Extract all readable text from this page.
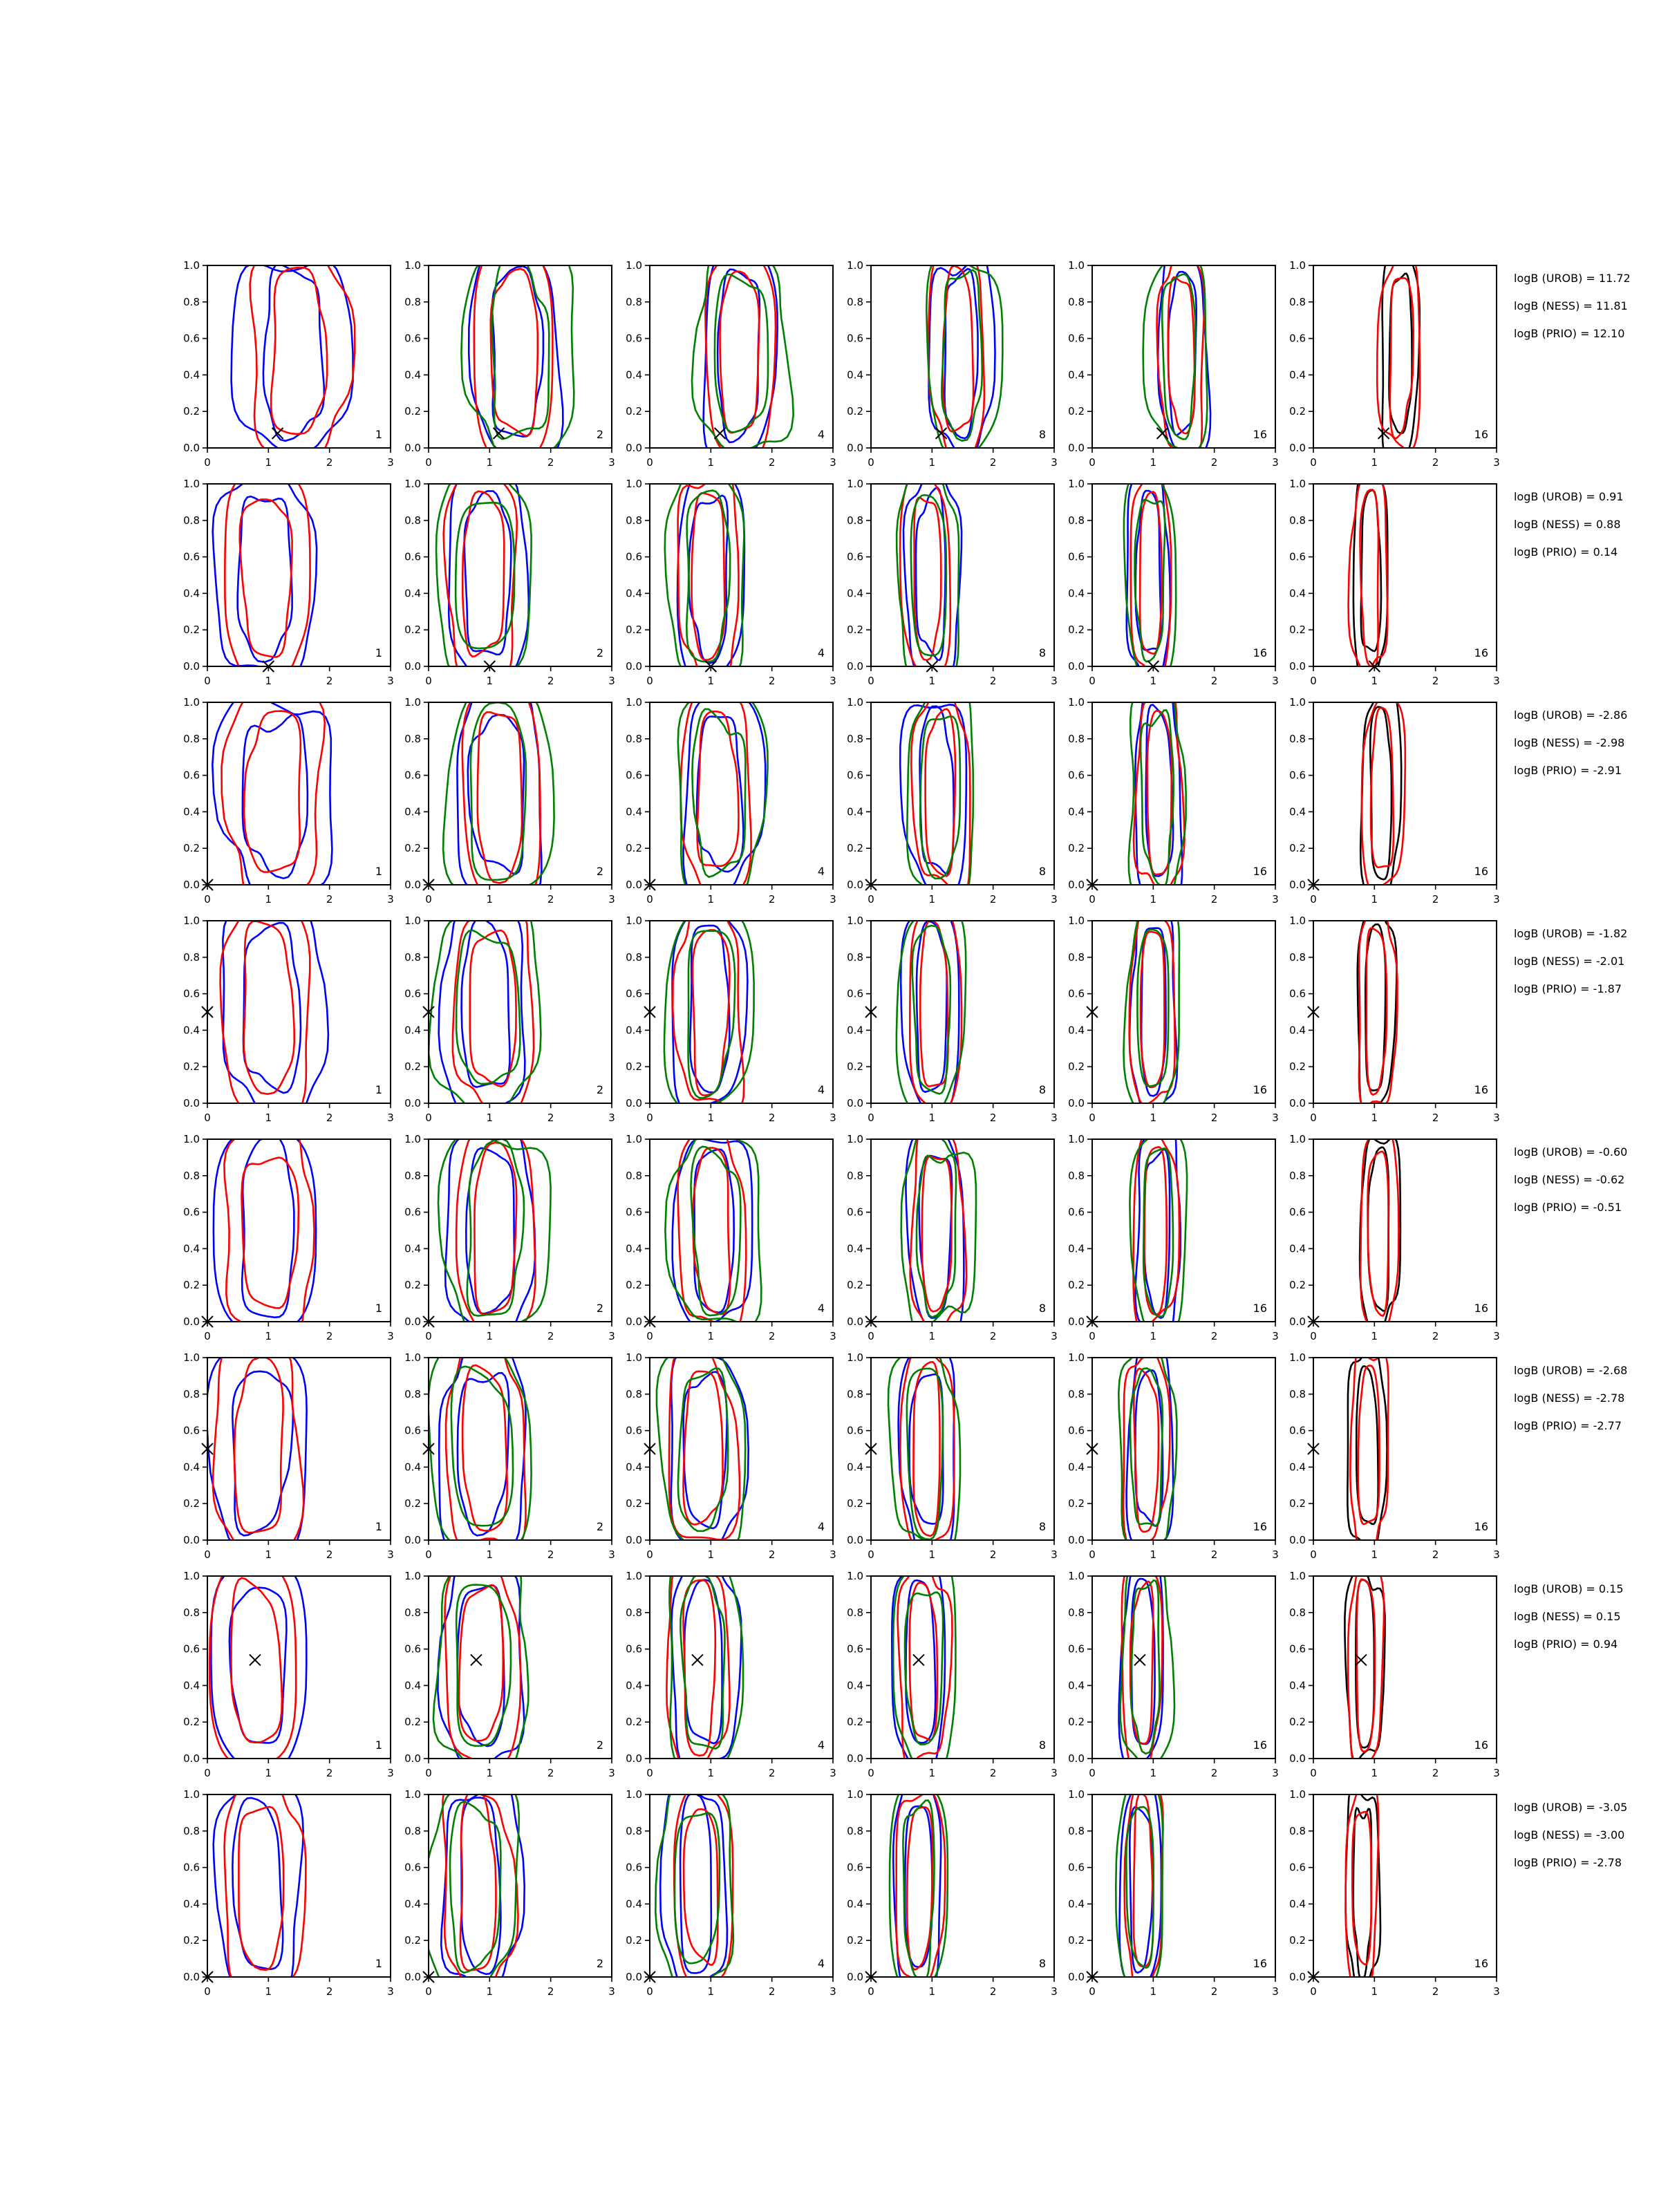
0	1	2	3
0.0
0.2
0.4
0.6
0.8
1.0
1
0	1	2	3
0.0
0.2
0.4
0.6
0.8
1.0
2
0	1	2	3
0.0
0.2
0.4
0.6
0.8
1.0
4
0	1	2	3
0.0
0.2
0.4
0.6
0.8
1.0
8
0	1	2	3
0.0
0.2
0.4
0.6
0.8
1.0
16
0	1	2	3
0.0
0.2
0.4
0.6
0.8
1.0
16
logB (UROB) = 11.72
logB (NESS) = 11.81
logB (PRIO) = 12.10
0	1	2	3
0.0
0.2
0.4
0.6
0.8
1.0
1
0	1	2	3
0.0
0.2
0.4
0.6
0.8
1.0
2
0	1	2	3
0.0
0.2
0.4
0.6
0.8
1.0
4
0	1	2	3
0.0
0.2
0.4
0.6
0.8
1.0
8
0	1	2	3
0.0
0.2
0.4
0.6
0.8
1.0
16
0	1	2	3
0.0
0.2
0.4
0.6
0.8
1.0
16
logB (UROB) = 0.91
logB (NESS) = 0.88
logB (PRIO) = 0.14
0	1	2	3
0.0
0.2
0.4
0.6
0.8
1.0
1
0	1	2	3
0.0
0.2
0.4
0.6
0.8
1.0
2
0	1	2	3
0.0
0.2
0.4
0.6
0.8
1.0
4
0	1	2	3
0.0
0.2
0.4
0.6
0.8
1.0
8
0	1	2	3
0.0
0.2
0.4
0.6
0.8
1.0
16
0	1	2	3
0.0
0.2
0.4
0.6
0.8
1.0
16
logB (UROB) = -2.86
logB (NESS) = -2.98
logB (PRIO) = -2.91
0	1	2	3
0.0
0.2
0.4
0.6
0.8
1.0
1
0	1	2	3
0.0
0.2
0.4
0.6
0.8
1.0
2
0	1	2	3
0.0
0.2
0.4
0.6
0.8
1.0
4
0	1	2	3
0.0
0.2
0.4
0.6
0.8
1.0
8
0	1	2	3
0.0
0.2
0.4
0.6
0.8
1.0
16
0	1	2	3
0.0
0.2
0.4
0.6
0.8
1.0
16
logB (UROB) = -1.82
logB (NESS) = -2.01
logB (PRIO) = -1.87
0	1	2	3
0.0
0.2
0.4
0.6
0.8
1.0
1
0	1	2	3
0.0
0.2
0.4
0.6
0.8
1.0
2
0	1	2	3
0.0
0.2
0.4
0.6
0.8
1.0
4
0	1	2	3
0.0
0.2
0.4
0.6
0.8
1.0
8
0	1	2	3
0.0
0.2
0.4
0.6
0.8
1.0
16
0	1	2	3
0.0
0.2
0.4
0.6
0.8
1.0
16
logB (UROB) = -0.60
logB (NESS) = -0.62
logB (PRIO) = -0.51
0	1	2	3
0.0
0.2
0.4
0.6
0.8
1.0
1
0	1	2	3
0.0
0.2
0.4
0.6
0.8
1.0
2
0	1	2	3
0.0
0.2
0.4
0.6
0.8
1.0
4
0	1	2	3
0.0
0.2
0.4
0.6
0.8
1.0
8
0	1	2	3
0.0
0.2
0.4
0.6
0.8
1.0
16
0	1	2	3
0.0
0.2
0.4
0.6
0.8
1.0
16
logB (UROB) = -2.68
logB (NESS) = -2.78
logB (PRIO) = -2.77
0	1	2	3
0.0
0.2
0.4
0.6
0.8
1.0
1
0	1	2	3
0.0
0.2
0.4
0.6
0.8
1.0
2
0	1	2	3
0.0
0.2
0.4
0.6
0.8
1.0
4
0	1	2	3
0.0
0.2
0.4
0.6
0.8
1.0
8
0	1	2	3
0.0
0.2
0.4
0.6
0.8
1.0
16
0	1	2	3
0.0
0.2
0.4
0.6
0.8
1.0
16
logB (UROB) = 0.15
logB (NESS) = 0.15
logB (PRIO) = 0.94
0	1	2	3
0.0
0.2
0.4
0.6
0.8
1.0
1
0	1	2	3
0.0
0.2
0.4
0.6
0.8
1.0
2
0	1	2	3
0.0
0.2
0.4
0.6
0.8
1.0
4
0	1	2	3
0.0
0.2
0.4
0.6
0.8
1.0
8
0	1	2	3
0.0
0.2
0.4
0.6
0.8
1.0
16
0	1	2	3
0.0
0.2
0.4
0.6
0.8
1.0
16
logB (UROB) = -3.05
logB (NESS) = -3.00
logB (PRIO) = -2.78
